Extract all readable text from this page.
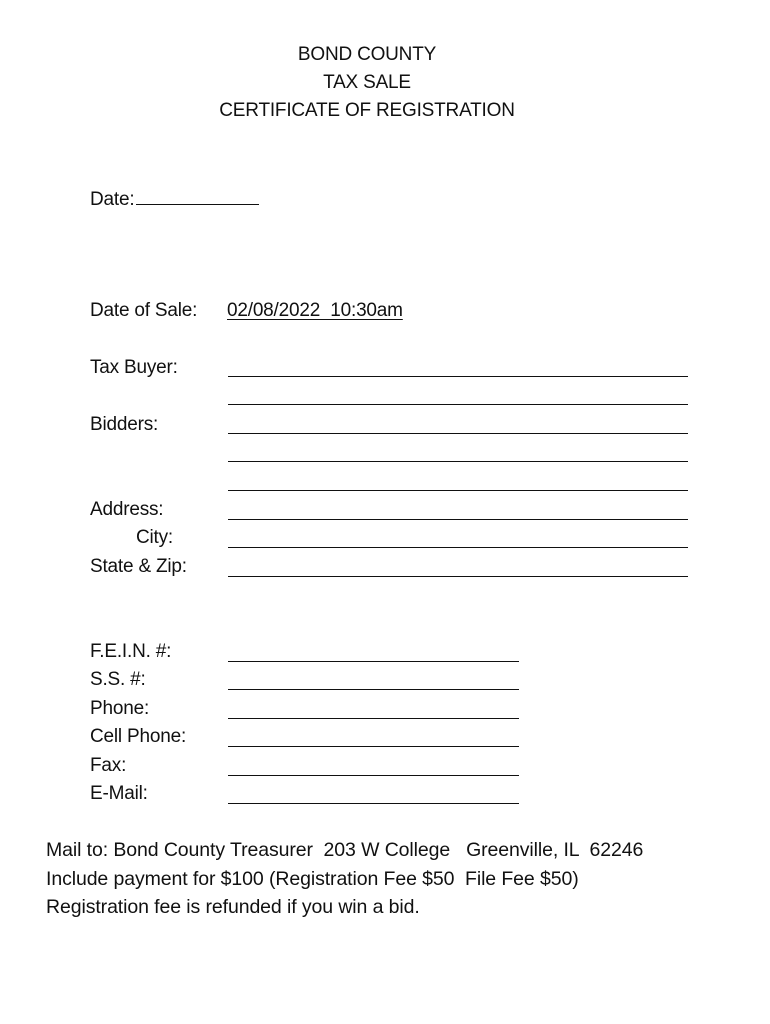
BOND COUNTY
TAX SALE
CERTIFICATE OF REGISTRATION
Date:
Date of Sale: 02/08/2022  10:30am
Tax Buyer:
Bidders:
Address:
City:
State & Zip:
F.E.I.N. #:
S.S. #:
Phone:
Cell Phone:
Fax:
E-Mail:
Mail to: Bond County Treasurer  203 W College   Greenville, IL  62246
Include payment for $100 (Registration Fee $50  File Fee $50)
Registration fee is refunded if you win a bid.
